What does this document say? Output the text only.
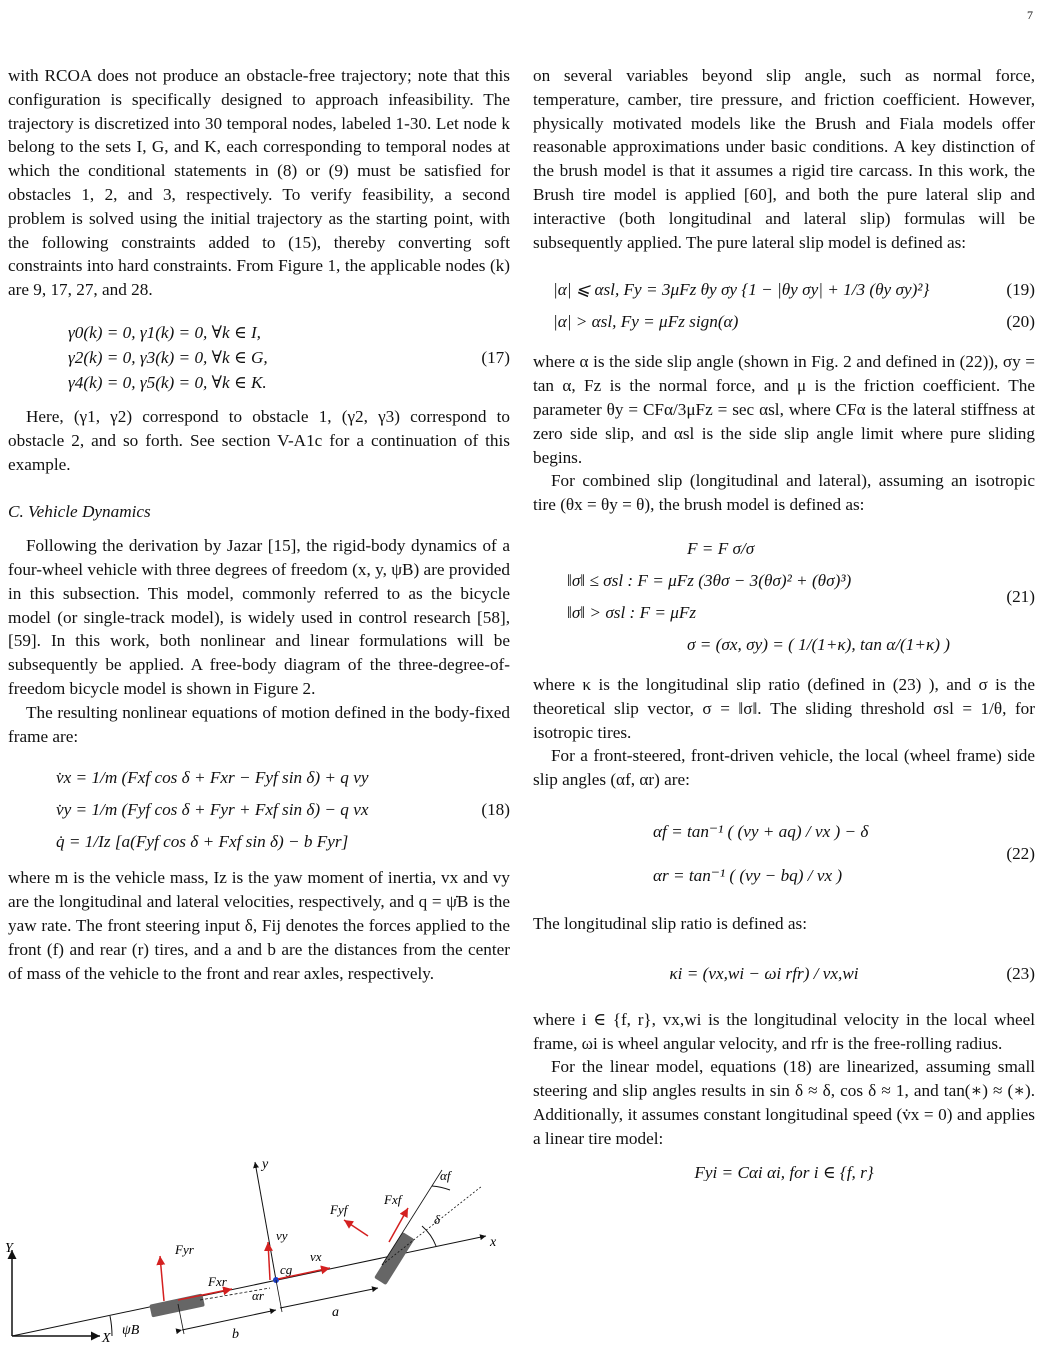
7

with RCOA does not produce an obstacle-free trajectory; note that this configuration is specifically designed to approach infeasibility. The trajectory is discretized into 30 temporal nodes, labeled 1-30. Let node k belong to the sets I, G, and K, each corresponding to temporal nodes at which the conditional statements in (8) or (9) must be satisfied for obstacles 1, 2, and 3, respectively. To verify feasibility, a second problem is solved using the initial trajectory as the starting point, with the following constraints added to (15), thereby converting soft constraints into hard constraints. From Figure 1, the applicable nodes (k) are 9, 17, 27, and 28.

γ0(k) = 0, γ1(k) = 0, ∀k ∈ I,
γ2(k) = 0, γ3(k) = 0, ∀k ∈ G,
γ4(k) = 0, γ5(k) = 0, ∀k ∈ K.
(17)

Here, (γ1, γ2) correspond to obstacle 1, (γ2, γ3) correspond to obstacle 2, and so forth. See section V-A1c for a continuation of this example.

C. Vehicle Dynamics

Following the derivation by Jazar [15], the rigid-body dynamics of a four-wheel vehicle with three degrees of freedom (x, y, ψB) are provided in this subsection. This model, commonly referred to as the bicycle model (or single-track model), is widely used in control research [58], [59]. In this work, both nonlinear and linear formulations will be subsequently be applied. A free-body diagram of the three-degree-of-freedom bicycle model is shown in Figure 2.

The resulting nonlinear equations of motion defined in the body-fixed frame are:

v̇x = 1/m (Fxf cos δ + Fxr − Fyf sin δ) + q vy
v̇y = 1/m (Fyf cos δ + Fyr + Fxf sin δ) − q vx
q̇ = 1/Iz [a(Fyf cos δ + Fxf sin δ) − b Fyr]
(18)

where m is the vehicle mass, Iz is the yaw moment of inertia, vx and vy are the longitudinal and lateral velocities, respectively, and q = ψ̇B is the yaw rate. The front steering input δ, Fij denotes the forces applied to the front (f) and rear (r) tires, and a and b are the distances from the center of mass of the vehicle to the front and rear axles, respectively.

Y
X
x
ψB
y
Fyr
Fxr
cg
vy
vx
αr
Fyf
Fxf
αf
δ
b
a

on several variables beyond slip angle, such as normal force, temperature, camber, tire pressure, and friction coefficient. However, physically motivated models like the Brush and Fiala models offer reasonable approximations under basic conditions. A key distinction of the brush model is that it assumes a rigid tire carcass. In this work, the Brush tire model is applied [60], and both the pure lateral slip and interactive (both longitudinal and lateral slip) formulas will be subsequently applied. The pure lateral slip model is defined as:

|α| ⩽ αsl, Fy = 3μFz θy σy {1 − |θy σy| + 1/3 (θy σy)²}	(19)
|α| > αsl, Fy = μFz sign(α)	(20)

where α is the side slip angle (shown in Fig. 2 and defined in (22)), σy = tan α, Fz is the normal force, and μ is the friction coefficient. The parameter θy = CFα/3μFz = sec αsl, where CFα is the lateral stiffness at zero side slip, and αsl is the side slip angle limit where pure sliding begins.

For combined slip (longitudinal and lateral), assuming an isotropic tire (θx = θy = θ), the brush model is defined as:

F = F σ/σ
‖σ‖ ≤ σsl : F = μFz (3θσ − 3(θσ)² + (θσ)³)
‖σ‖ > σsl : F = μFz
σ = (σx, σy) = ( 1/(1+κ), tan α/(1+κ) )
(21)

where κ is the longitudinal slip ratio (defined in (23) ), and σ is the theoretical slip vector, σ = ‖σ‖. The sliding threshold σsl = 1/θ, for isotropic tires.

For a front-steered, front-driven vehicle, the local (wheel frame) side slip angles (αf, αr) are:

αf = tan⁻¹ ( (vy + aq) / vx ) − δ
αr = tan⁻¹ ( (vy − bq) / vx )
(22)

The longitudinal slip ratio is defined as:

κi = (vx,wi − ωi rfr) / vx,wi	(23)

where i ∈ {f, r}, vx,wi is the longitudinal velocity in the local wheel frame, ωi is wheel angular velocity, and rfr is the free-rolling radius.

For the linear model, equations (18) are linearized, assuming small steering and slip angles results in sin δ ≈ δ, cos δ ≈ 1, and tan(∗) ≈ (∗). Additionally, it assumes constant longitudinal speed (v̇x = 0) and applies a linear tire model:

Fyi = Cαi αi, for i ∈ {f, r}
